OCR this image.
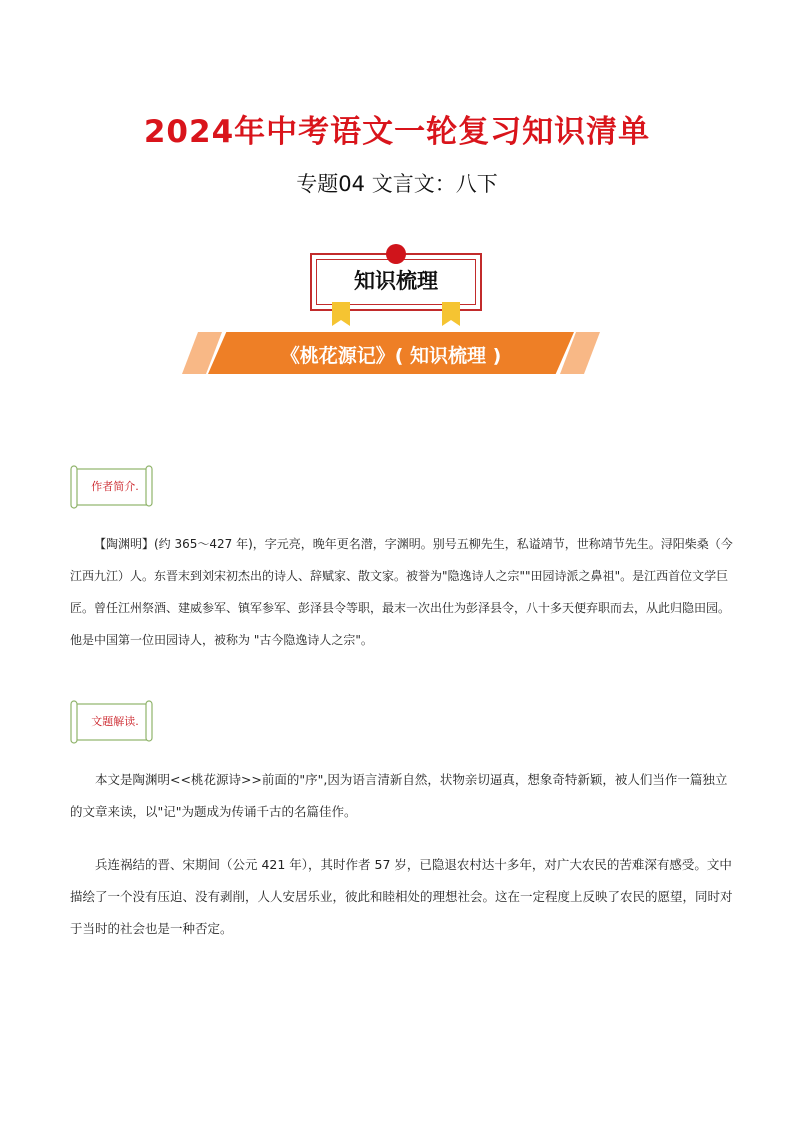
2024年中考语文一轮复习知识清单
专题04 文言文：八下
知识梳理
《桃花源记》( 知识梳理 )
作者简介.
【陶渊明】(约 365～427 年)，字元亮，晚年更名潜，字渊明。别号五柳先生，私谥靖节，世称靖节先生。浔阳柴桑（今江西九江）人。东晋末到刘宋初杰出的诗人、辞赋家、散文家。被誉为"隐逸诗人之宗""田园诗派之鼻祖"。是江西首位文学巨匠。曾任江州祭酒、建威参军、镇军参军、彭泽县令等职，最末一次出仕为彭泽县令，八十多天便弃职而去，从此归隐田园。他是中国第一位田园诗人，被称为 "古今隐逸诗人之宗"。
文题解读.
本文是陶渊明<<桃花源诗>>前面的"序",因为语言清新自然，状物亲切逼真，想象奇特新颖，被人们当作一篇独立的文章来读，以"记"为题成为传诵千古的名篇佳作。
兵连祸结的晋、宋期间（公元 421 年），其时作者 57 岁，已隐退农村达十多年，对广大农民的苦难深有感受。文中描绘了一个没有压迫、没有剥削，人人安居乐业，彼此和睦相处的理想社会。这在一定程度上反映了农民的愿望，同时对于当时的社会也是一种否定。
